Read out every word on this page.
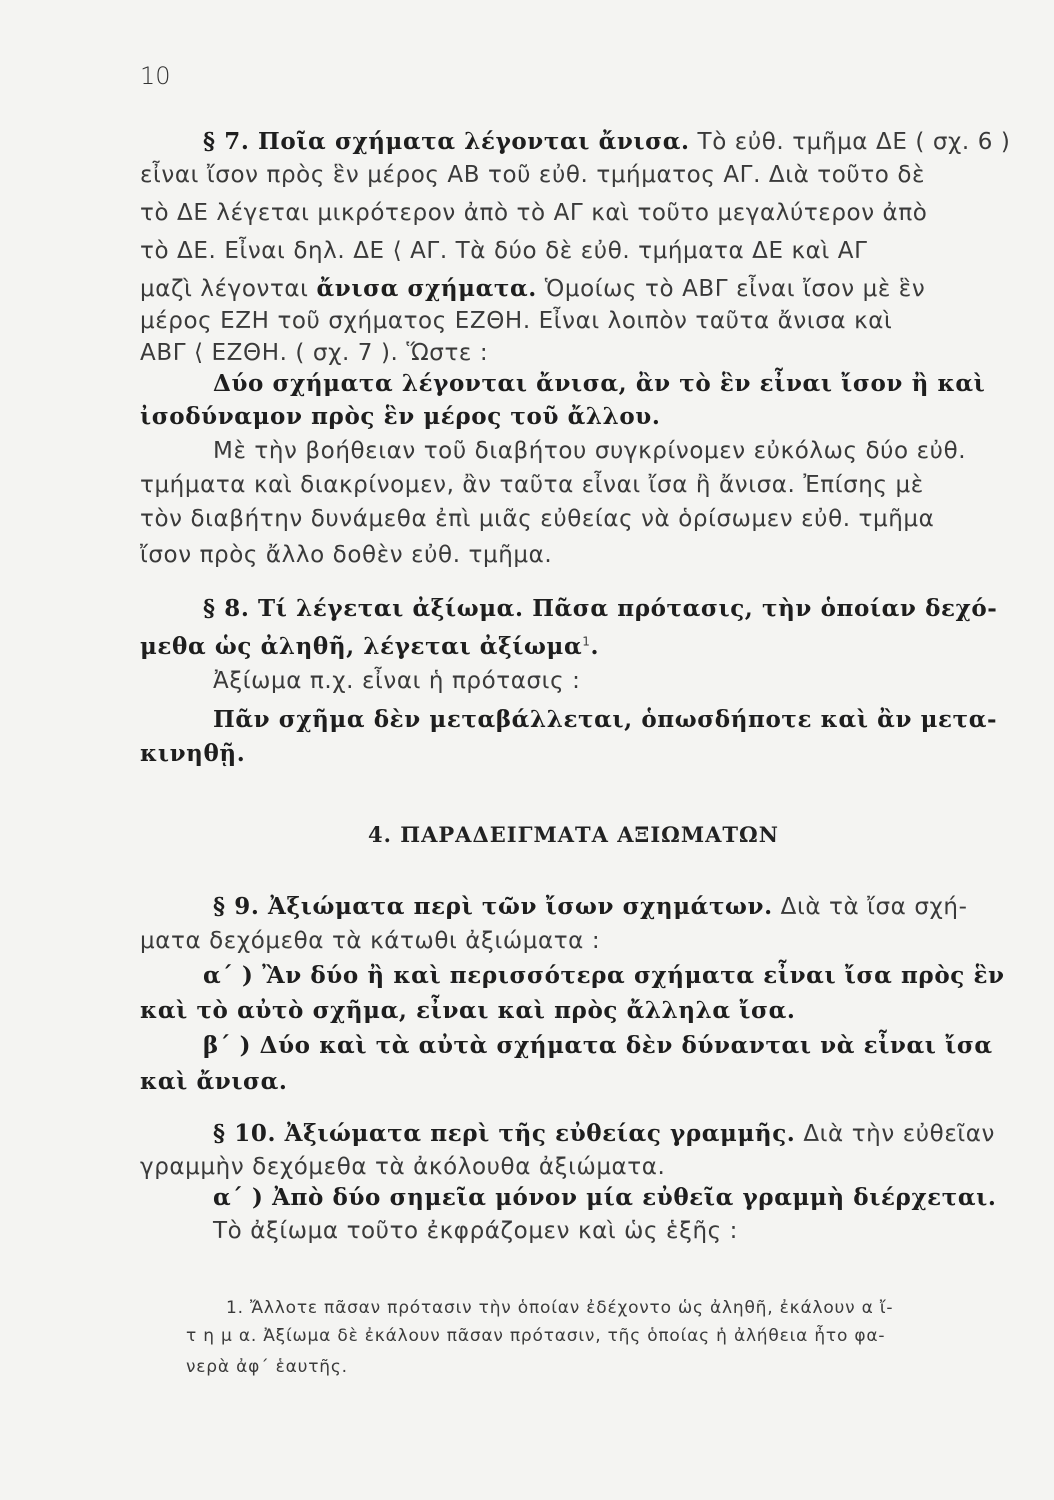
10
§ 7. Ποῖα σχήματα λέγονται ἄνισα. Τὸ εὐθ. τμῆμα ΔΕ ( σχ. 6 )
εἶναι ἴσον πρὸς ἓν μέρος ΑΒ τοῦ εὐθ. τμήματος ΑΓ. Διὰ τοῦτο δὲ
τὸ ΔΕ λέγεται μικρότερον ἀπὸ τὸ ΑΓ καὶ τοῦτο μεγαλύτερον ἀπὸ
τὸ ΔΕ. Εἶναι δηλ. ΔΕ ⟨ ΑΓ. Τὰ δύο δὲ εὐθ. τμήματα ΔΕ καὶ ΑΓ
μαζὶ λέγονται ἄνισα σχήματα. Ὁμοίως τὸ ΑΒΓ εἶναι ἴσον μὲ ἓν
μέρος ΕΖΗ τοῦ σχήματος ΕΖΘΗ. Εἶναι λοιπὸν ταῦτα ἄνισα καὶ
ΑΒΓ ⟨ ΕΖΘΗ. ( σχ. 7 ). Ὥστε :
Δύο σχήματα λέγονται ἄνισα, ἂν τὸ ἓν εἶναι ἴσον ἢ καὶ
ἰσοδύναμον πρὸς ἓν μέρος τοῦ ἄλλου.
Μὲ τὴν βοήθειαν τοῦ διαβήτου συγκρίνομεν εὐκόλως δύο εὐθ.
τμήματα καὶ διακρίνομεν, ἂν ταῦτα εἶναι ἴσα ἢ ἄνισα. Ἐπίσης μὲ
τὸν διαβήτην δυνάμεθα ἐπὶ μιᾶς εὐθείας νὰ ὁρίσωμεν εὐθ. τμῆμα
ἴσον πρὸς ἄλλο δοθὲν εὐθ. τμῆμα.
§ 8. Τί λέγεται ἀξίωμα. Πᾶσα πρότασις, τὴν ὁποίαν δεχό-
μεθα ὡς ἀληθῆ, λέγεται ἀξίωμα$^1$.
Ἀξίωμα π.χ. εἶναι ἡ πρότασις :
Πᾶν σχῆμα δὲν μεταβάλλεται, ὁπωσδήποτε καὶ ἂν μετα-
κινηθῇ.
4. ΠΑΡΑΔΕΙΓΜΑΤΑ ΑΞΙΩΜΑΤΩΝ
§ 9. Ἀξιώματα περὶ τῶν ἴσων σχημάτων. Διὰ τὰ ἴσα σχή-
ματα δεχόμεθα τὰ κάτωθι ἀξιώματα :
α΄ ) Ἂν δύο ἢ καὶ περισσότερα σχήματα εἶναι ἴσα πρὸς ἓν
καὶ τὸ αὐτὸ σχῆμα, εἶναι καὶ πρὸς ἄλληλα ἴσα.
β΄ ) Δύο καὶ τὰ αὐτὰ σχήματα δὲν δύνανται νὰ εἶναι ἴσα
καὶ ἄνισα.
§ 10. Ἀξιώματα περὶ τῆς εὐθείας γραμμῆς. Διὰ τὴν εὐθεῖαν
γραμμὴν δεχόμεθα τὰ ἀκόλουθα ἀξιώματα.
α΄ ) Ἀπὸ δύο σημεῖα μόνον μία εὐθεῖα γραμμὴ διέρχεται.
Τὸ ἀξίωμα τοῦτο ἐκφράζομεν καὶ ὡς ἑξῆς :
1. Ἄλλοτε πᾶσαν πρότασιν τὴν ὁποίαν ἐδέχοντο ὡς ἀληθῆ, ἐκάλουν α ἴ-
τ η μ α. Ἀξίωμα δὲ ἐκάλουν πᾶσαν πρότασιν, τῆς ὁποίας ἡ ἀλήθεια ἦτο φα-
νερὰ ἀφ΄ ἑαυτῆς.
